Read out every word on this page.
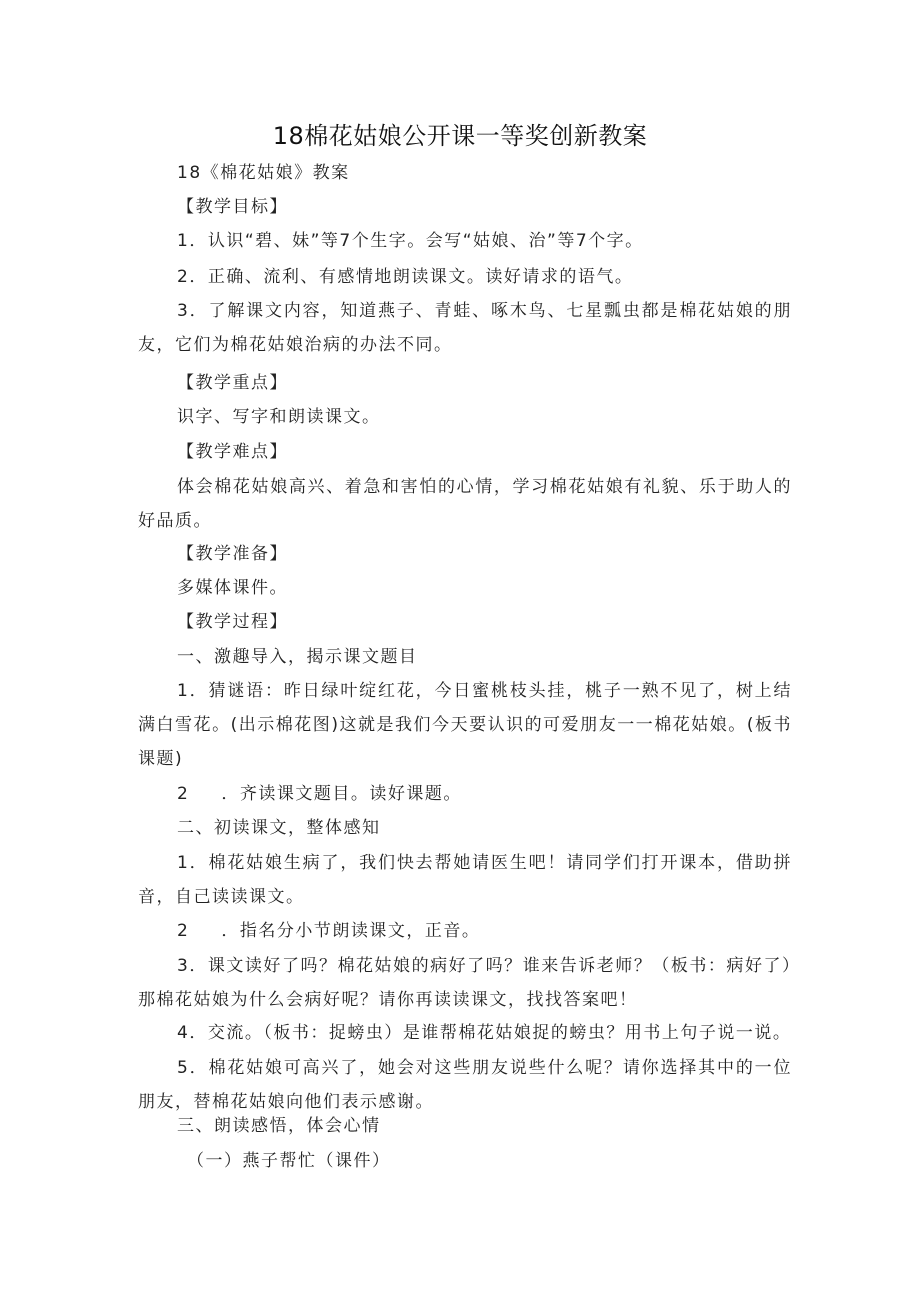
18棉花姑娘公开课一等奖创新教案
18《棉花姑娘》教案
【教学目标】
1．认识“碧、妹”等7个生字。会写“姑娘、治”等7个字。
2．正确、流利、有感情地朗读课文。读好请求的语气。
3．了解课文内容，知道燕子、青蛙、啄木鸟、七星瓢虫都是棉花姑娘的朋友，它们为棉花姑娘治病的办法不同。
【教学重点】
识字、写字和朗读课文。
【教学难点】
体会棉花姑娘高兴、着急和害怕的心情，学习棉花姑娘有礼貌、乐于助人的好品质。
【教学准备】
多媒体课件。
【教学过程】
一、激趣导入，揭示课文题目
1．猜谜语：昨日绿叶绽红花，今日蜜桃枝头挂，桃子一熟不见了，树上结满白雪花。(出示棉花图)这就是我们今天要认识的可爱朋友一一棉花姑娘。(板书课题)
2 ．齐读课文题目。读好课题。
二、初读课文，整体感知
1．棉花姑娘生病了，我们快去帮她请医生吧！请同学们打开课本，借助拼音，自己读读课文。
2 ．指名分小节朗读课文，正音。
3．课文读好了吗？棉花姑娘的病好了吗？谁来告诉老师？（板书：病好了）那棉花姑娘为什么会病好呢？请你再读读课文，找找答案吧！
4．交流。（板书：捉螃虫）是谁帮棉花姑娘捉的螃虫？用书上句子说一说。
5．棉花姑娘可高兴了，她会对这些朋友说些什么呢？请你选择其中的一位朋友，替棉花姑娘向他们表示感谢。
三、朗读感悟，体会心情
（一）燕子帮忙（课件）
